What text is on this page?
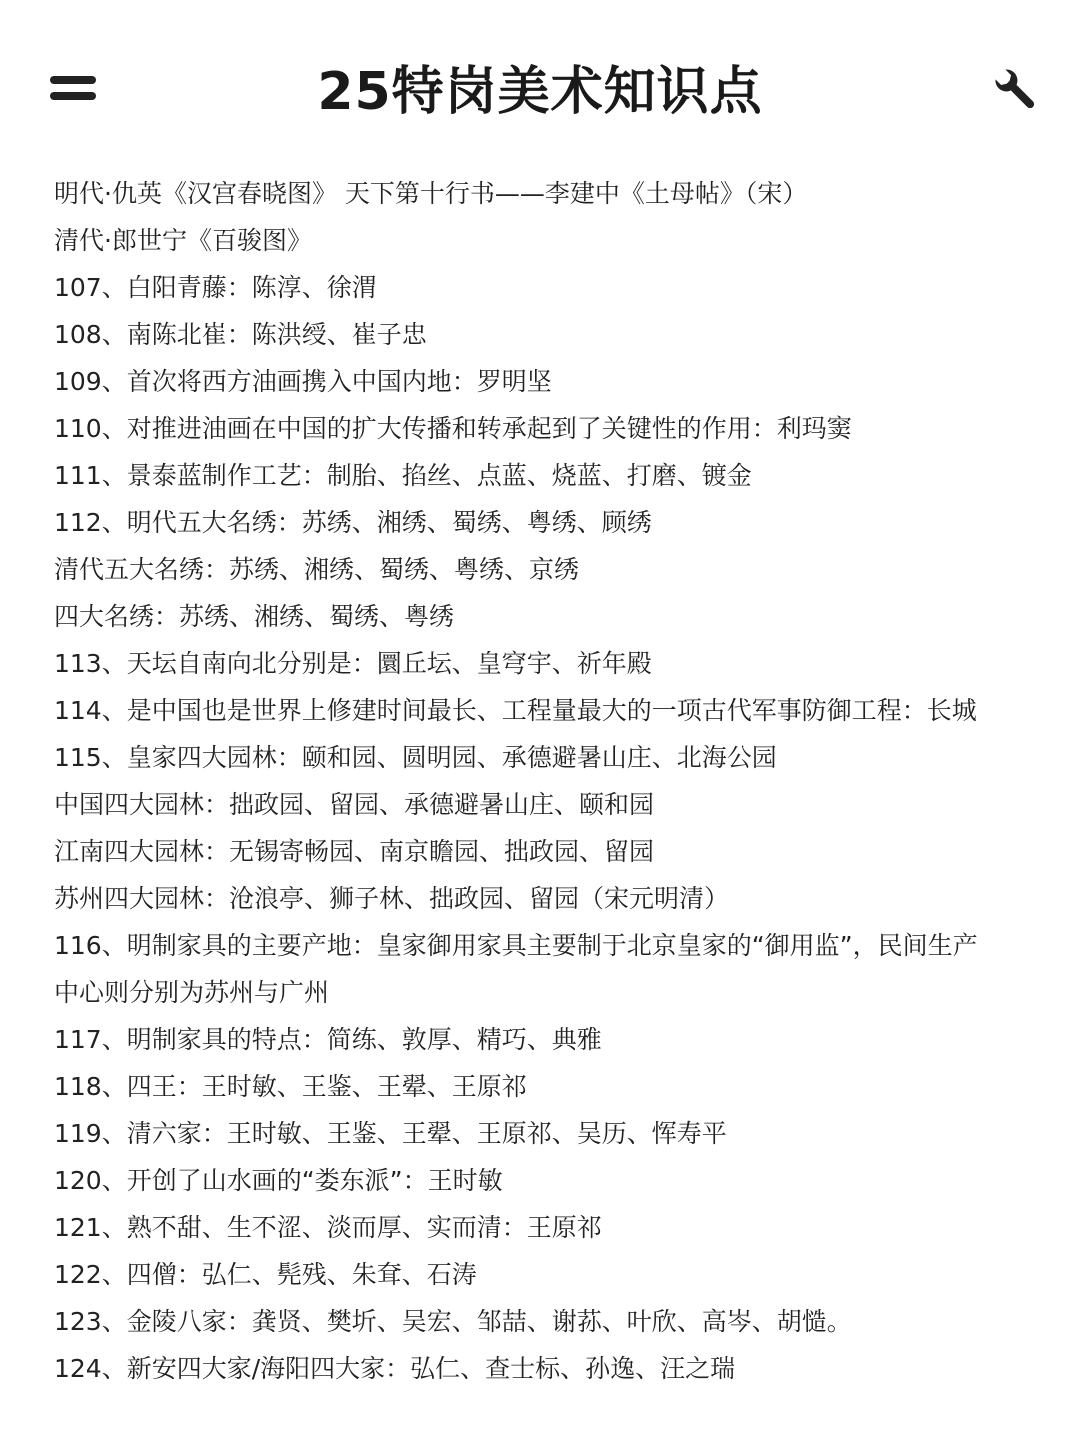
25特岗美术知识点
明代·仇英《汉宫春晓图》 天下第十行书——李建中《土母帖》（宋）
清代·郎世宁《百骏图》
107、白阳青藤：陈淳、徐渭
108、南陈北崔：陈洪绶、崔子忠
109、首次将西方油画携入中国内地：罗明坚
110、对推进油画在中国的扩大传播和转承起到了关键性的作用：利玛窦
111、景泰蓝制作工艺：制胎、掐丝、点蓝、烧蓝、打磨、镀金
112、明代五大名绣：苏绣、湘绣、蜀绣、粤绣、顾绣
清代五大名绣：苏绣、湘绣、蜀绣、粤绣、京绣
四大名绣：苏绣、湘绣、蜀绣、粤绣
113、天坛自南向北分别是：圜丘坛、皇穹宇、祈年殿
114、是中国也是世界上修建时间最长、工程量最大的一项古代军事防御工程：长城
115、皇家四大园林：颐和园、圆明园、承德避暑山庄、北海公园
中国四大园林：拙政园、留园、承德避暑山庄、颐和园
江南四大园林：无锡寄畅园、南京瞻园、拙政园、留园
苏州四大园林：沧浪亭、狮子林、拙政园、留园（宋元明清）
116、明制家具的主要产地：皇家御用家具主要制于北京皇家的“御用监”，民间生产
中心则分别为苏州与广州
117、明制家具的特点：简练、敦厚、精巧、典雅
118、四王：王时敏、王鉴、王翚、王原祁
119、清六家：王时敏、王鉴、王翚、王原祁、吴历、恽寿平
120、开创了山水画的“娄东派”：王时敏
121、熟不甜、生不涩、淡而厚、实而清：王原祁
122、四僧：弘仁、髡残、朱耷、石涛
123、金陵八家：龚贤、樊圻、吴宏、邹喆、谢荪、叶欣、高岑、胡慥。
124、新安四大家/海阳四大家：弘仁、查士标、孙逸、汪之瑞
